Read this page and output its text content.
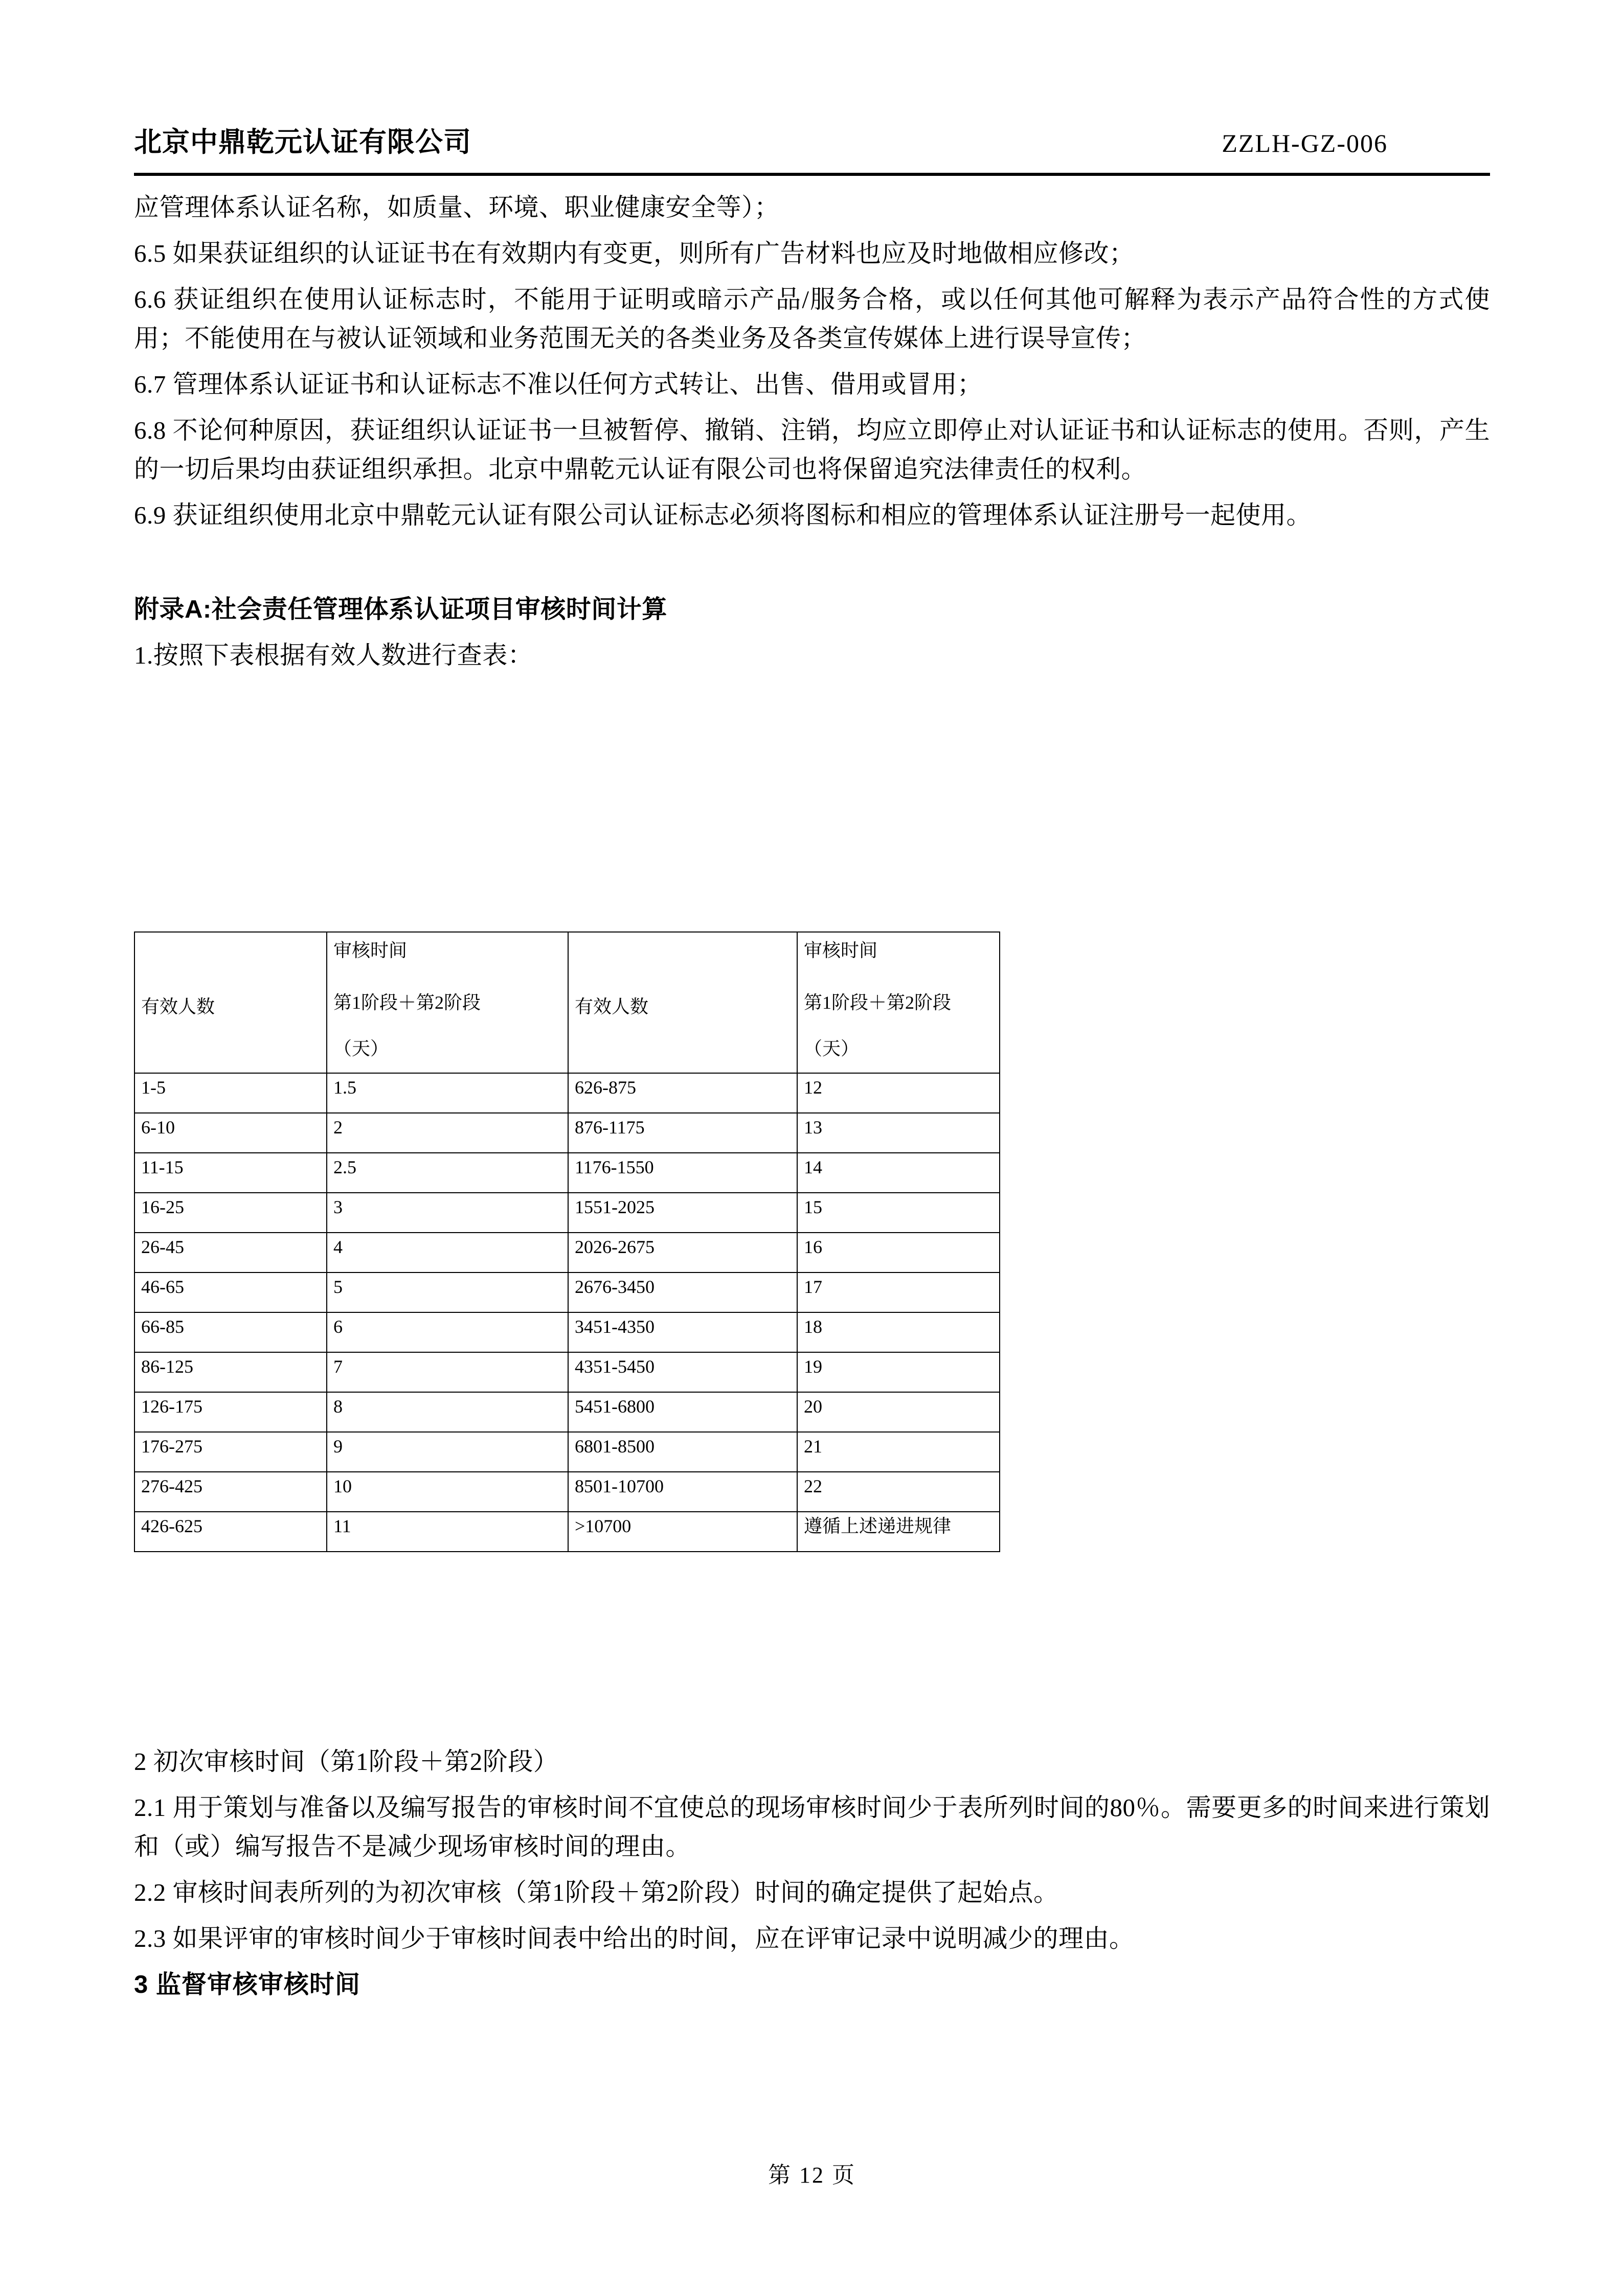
北京中鼎乾元认证有限公司	ZZLH-GZ-006

应管理体系认证名称，如质量、环境、职业健康安全等）；

6.5 如果获证组织的认证证书在有效期内有变更，则所有广告材料也应及时地做相应修改；

6.6 获证组织在使用认证标志时，不能用于证明或暗示产品/服务合格，或以任何其他可解释为表示产品符合性的方式使用；不能使用在与被认证领域和业务范围无关的各类业务及各类宣传媒体上进行误导宣传；

6.7 管理体系认证证书和认证标志不准以任何方式转让、出售、借用或冒用；

6.8 不论何种原因，获证组织认证证书一旦被暂停、撤销、注销，均应立即停止对认证证书和认证标志的使用。否则，产生的一切后果均由获证组织承担。北京中鼎乾元认证有限公司也将保留追究法律责任的权利。

6.9 获证组织使用北京中鼎乾元认证有限公司认证标志必须将图标和相应的管理体系认证注册号一起使用。

附录A:社会责任管理体系认证项目审核时间计算

1.按照下表根据有效人数进行查表：

有效人数	审核时间
第1阶段＋第2阶段
（天）	有效人数	审核时间
第1阶段＋第2阶段
（天）

1-5	1.5	626-875	12
6-10	2	876-1175	13
11-15	2.5	1176-1550	14
16-25	3	1551-2025	15
26-45	4	2026-2675	16
46-65	5	2676-3450	17
66-85	6	3451-4350	18
86-125	7	4351-5450	19
126-175	8	5451-6800	20
176-275	9	6801-8500	21
276-425	10	8501-10700	22
426-625	11	>10700	遵循上述递进规律

2 初次审核时间（第1阶段＋第2阶段）

2.1 用于策划与准备以及编写报告的审核时间不宜使总的现场审核时间少于表所列时间的80％。需要更多的时间来进行策划和（或）编写报告不是减少现场审核时间的理由。

2.2 审核时间表所列的为初次审核（第1阶段＋第2阶段）时间的确定提供了起始点。

2.3 如果评审的审核时间少于审核时间表中给出的时间，应在评审记录中说明减少的理由。

3 监督审核审核时间
第 12 页
